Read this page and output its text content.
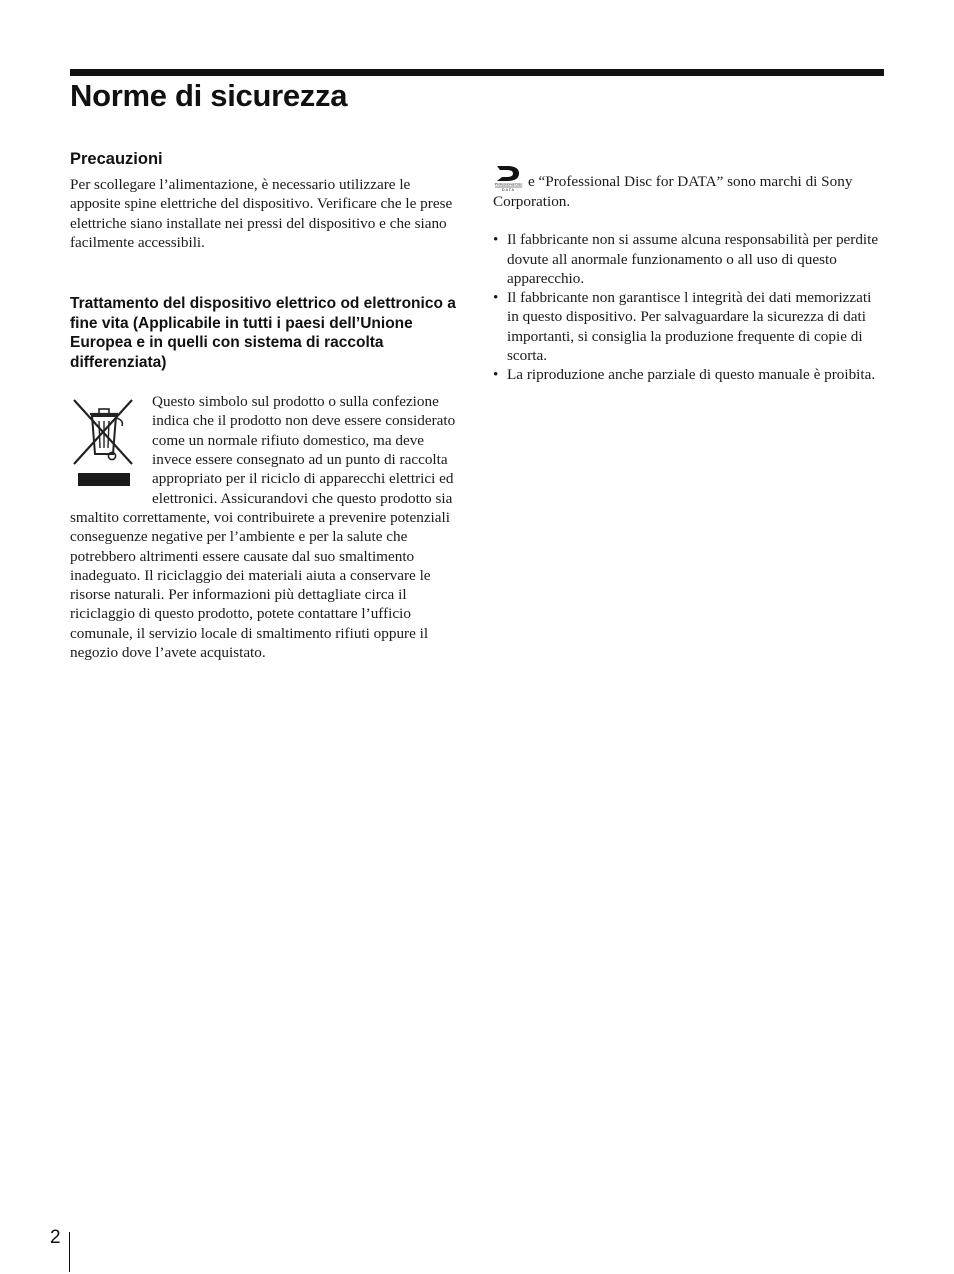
Norme di sicurezza
Precauzioni

Per scollegare l’alimentazione, è necessario utilizzare le apposite spine elettriche del dispositivo. Verificare che le prese elettriche siano installate nei pressi del dispositivo e che siano facilmente accessibili.

Trattamento del dispositivo elettrico od elettronico a fine vita (Applicabile in tutti i paesi dell’Unione Europea e in quelli con sistema di raccolta differenziata)

Questo simbolo sul prodotto o sulla confezione indica che il prodotto non deve essere considerato come un normale rifiuto domestico, ma deve invece essere consegnato ad un punto di raccolta appropriato per il riciclo di apparecchi elettrici ed elettronici. Assicurandovi che questo prodotto sia smaltito correttamente, voi contribuirete a prevenire potenziali conseguenze negative per l’ambiente e per la salute che potrebbero altrimenti essere causate dal suo smaltimento inadeguato. Il riciclaggio dei materiali aiuta a conservare le risorse naturali. Per informazioni più dettagliate circa il riciclaggio di questo prodotto, potete contattare l’ufficio comunale, il servizio locale di smaltimento rifiuti oppure il negozio dove l’avete acquistato.

Professional Disc
DATA
e “Professional Disc for DATA” sono marchi di Sony Corporation.

• Il fabbricante non si assume alcuna responsabilità per perdite dovute all anormale funzionamento o all uso di questo apparecchio.
• Il fabbricante non garantisce l integrità dei dati memorizzati in questo dispositivo. Per salvaguardare la sicurezza di dati importanti, si consiglia la produzione frequente di copie di scorta.
• La riproduzione anche parziale di questo manuale è proibita.
2
